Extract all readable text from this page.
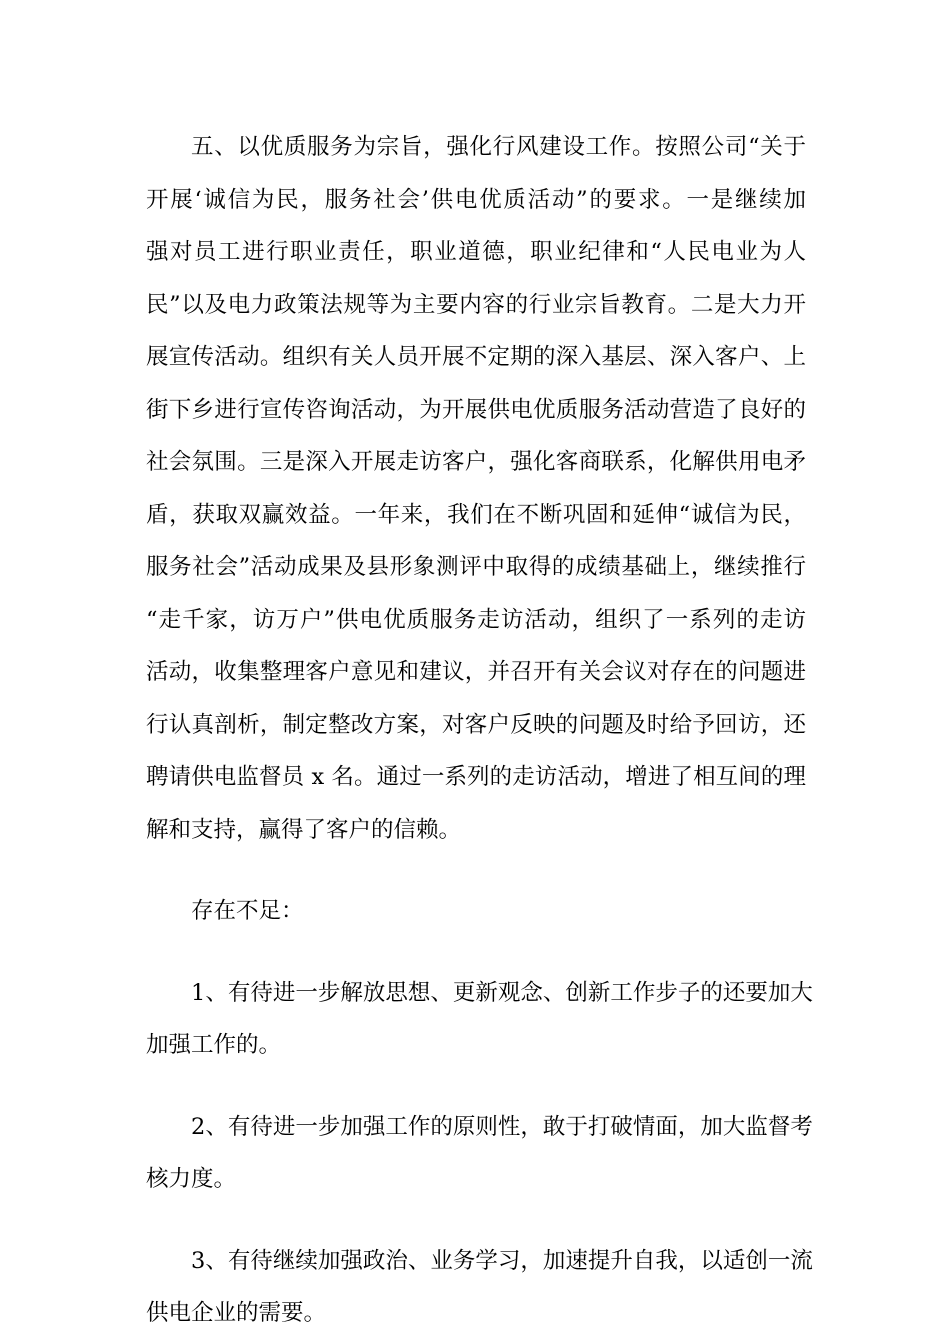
五、以优质服务为宗旨，强化行风建设工作。按照公司“关于
开展‘诚信为民，服务社会’供电优质活动”的要求。一是继续加
强对员工进行职业责任，职业道德，职业纪律和“人民电业为人
民”以及电力政策法规等为主要内容的行业宗旨教育。二是大力开
展宣传活动。组织有关人员开展不定期的深入基层、深入客户、上
街下乡进行宣传咨询活动，为开展供电优质服务活动营造了良好的
社会氛围。三是深入开展走访客户，强化客商联系，化解供用电矛
盾，获取双赢效益。一年来，我们在不断巩固和延伸“诚信为民，
服务社会”活动成果及县形象测评中取得的成绩基础上，继续推行
“走千家，访万户”供电优质服务走访活动，组织了一系列的走访
活动，收集整理客户意见和建议，并召开有关会议对存在的问题进
行认真剖析，制定整改方案，对客户反映的问题及时给予回访，还
聘请供电监督员 x 名。通过一系列的走访活动，增进了相互间的理
解和支持，赢得了客户的信赖。
存在不足：
1、有待进一步解放思想、更新观念、创新工作步子的还要加大
加强工作的。
2、有待进一步加强工作的原则性，敢于打破情面，加大监督考
核力度。
3、有待继续加强政治、业务学习，加速提升自我，以适创一流
供电企业的需要。
